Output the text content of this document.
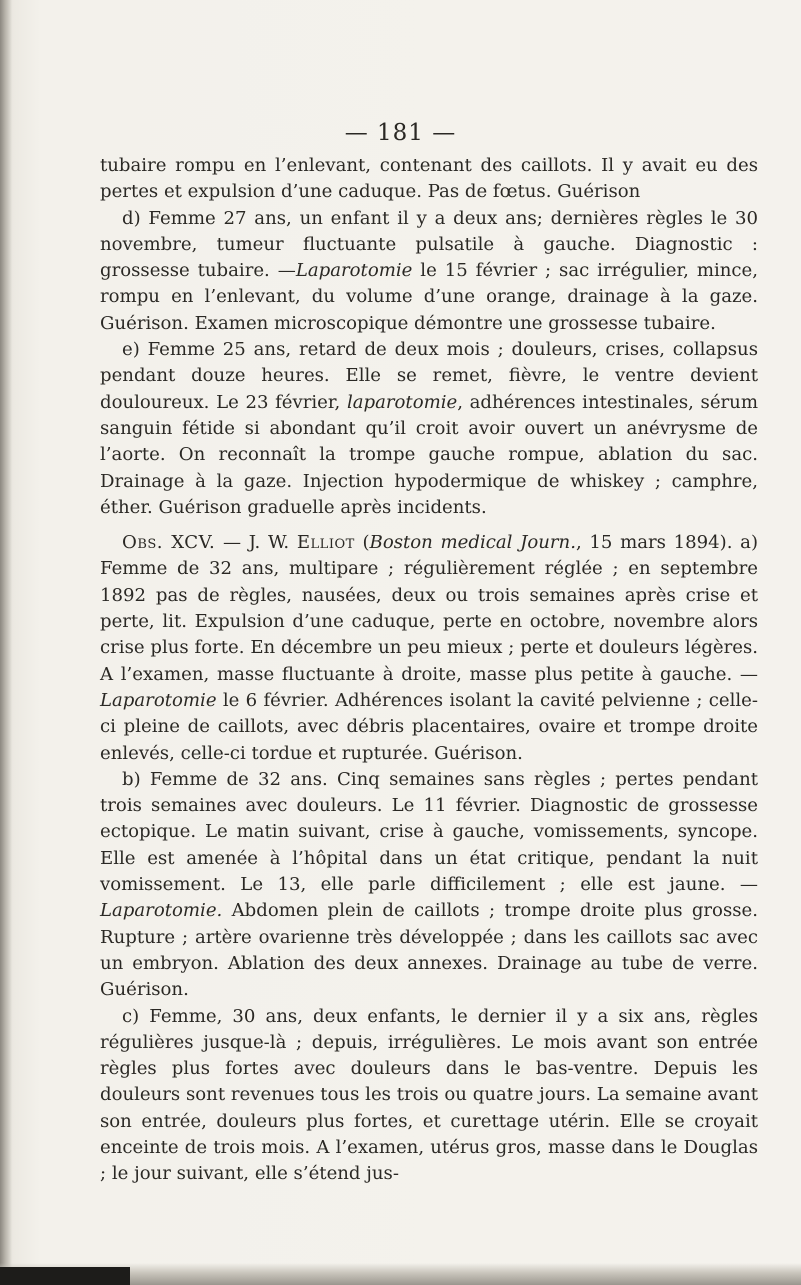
— 181 —

tubaire rompu en l’enlevant, contenant des caillots. Il y avait eu des pertes et expulsion d’une caduque. Pas de fœtus. Guérison

d) Femme 27 ans, un enfant il y a deux ans; dernières règles le 30 novembre, tumeur fluctuante pulsatile à gauche. Diagnostic : grossesse tubaire. —Laparotomie le 15 février ; sac irrégulier, mince, rompu en l’enlevant, du volume d’une orange, drainage à la gaze. Guérison. Examen microscopique démontre une grossesse tubaire.

e) Femme 25 ans, retard de deux mois ; douleurs, crises, collapsus pendant douze heures. Elle se remet, fièvre, le ventre devient douloureux. Le 23 février, laparotomie, adhérences intestinales, sérum sanguin fétide si abondant qu’il croit avoir ouvert un anévrysme de l’aorte. On reconnaît la trompe gauche rompue, ablation du sac. Drainage à la gaze. Injection hypodermique de whiskey ; camphre, éther. Guérison graduelle après incidents.

Obs. XCV. — J. W. Elliot (Boston medical Journ., 15 mars 1894). a) Femme de 32 ans, multipare ; régulièrement réglée ; en septembre 1892 pas de règles, nausées, deux ou trois semaines après crise et perte, lit. Expulsion d’une caduque, perte en octobre, novembre alors crise plus forte. En décembre un peu mieux ; perte et douleurs légères. A l’examen, masse fluctuante à droite, masse plus petite à gauche. —Laparotomie le 6 février. Adhérences isolant la cavité pelvienne ; celle-ci pleine de caillots, avec débris placentaires, ovaire et trompe droite enlevés, celle-ci tordue et rupturée. Guérison.

b) Femme de 32 ans. Cinq semaines sans règles ; pertes pendant trois semaines avec douleurs. Le 11 février. Diagnostic de grossesse ectopique. Le matin suivant, crise à gauche, vomissements, syncope. Elle est amenée à l’hôpital dans un état critique, pendant la nuit vomissement. Le 13, elle parle difficilement ; elle est jaune. — Laparotomie. Abdomen plein de caillots ; trompe droite plus grosse. Rupture ; artère ovarienne très développée ; dans les caillots sac avec un embryon. Ablation des deux annexes. Drainage au tube de verre. Guérison.

c) Femme, 30 ans, deux enfants, le dernier il y a six ans, règles régulières jusque-là ; depuis, irrégulières. Le mois avant son entrée règles plus fortes avec douleurs dans le bas-ventre. Depuis les douleurs sont revenues tous les trois ou quatre jours. La semaine avant son entrée, douleurs plus fortes, et curettage utérin. Elle se croyait enceinte de trois mois. A l’examen, utérus gros, masse dans le Douglas ; le jour suivant, elle s’étend jus-
